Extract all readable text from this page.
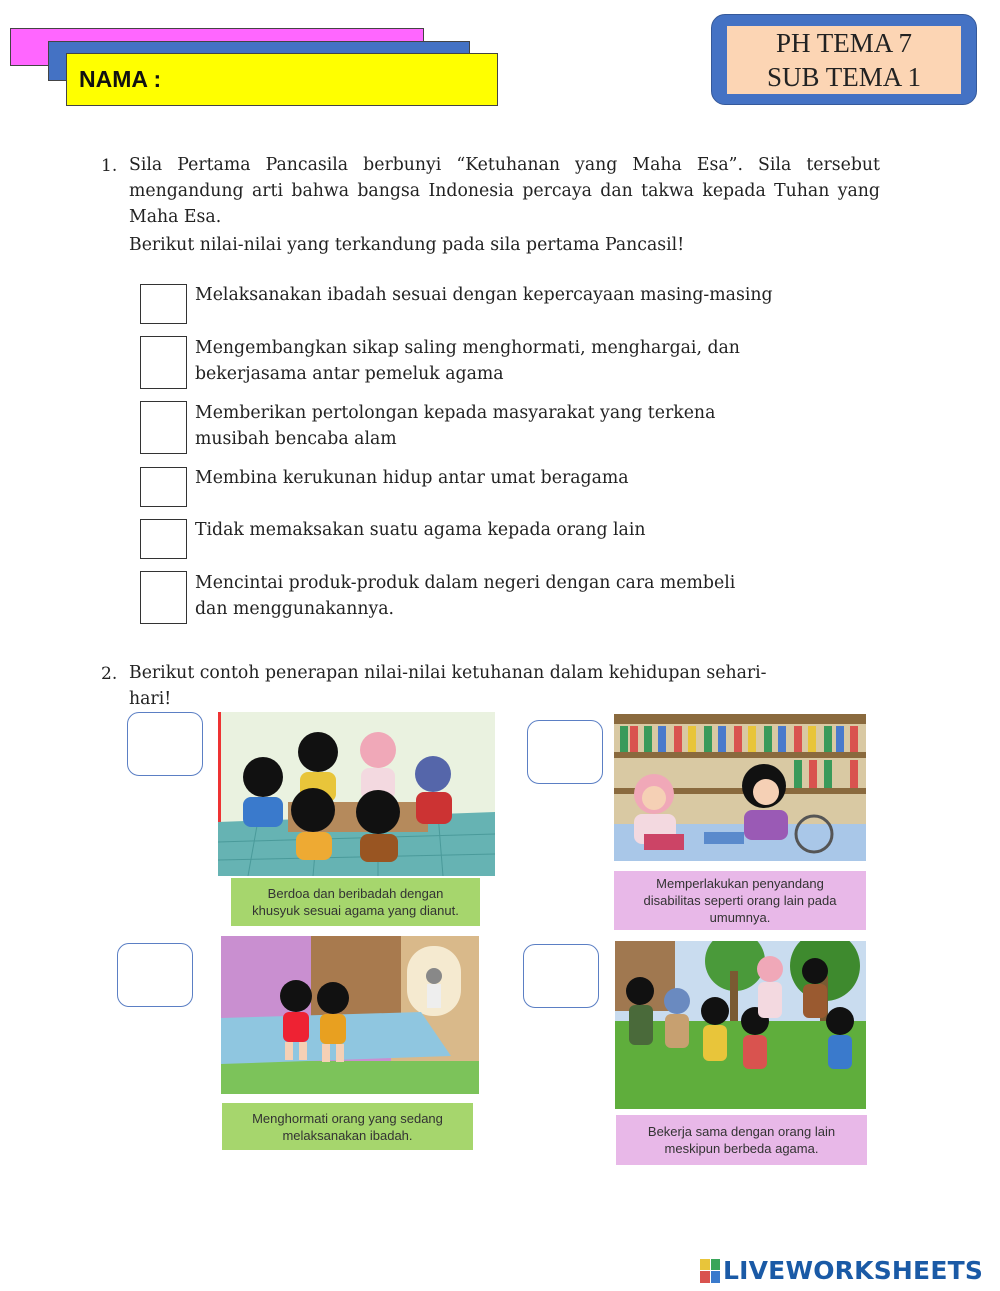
NAMA :
PH TEMA 7
SUB TEMA 1
1. Sila Pertama Pancasila berbunyi “Ketuhanan yang Maha Esa”. Sila tersebut mengandung arti bahwa bangsa Indonesia percaya dan takwa kepada Tuhan yang Maha Esa.
Berikut nilai-nilai yang terkandung pada sila pertama Pancasil!
Melaksanakan ibadah sesuai dengan kepercayaan masing-masing
Mengembangkan sikap saling menghormati, menghargai, dan
bekerjasama antar pemeluk agama
Memberikan pertolongan kepada masyarakat yang terkena
musibah bencaba alam
Membina kerukunan hidup antar umat beragama
Tidak memaksakan suatu agama kepada orang lain
Mencintai produk-produk dalam negeri dengan cara membeli
dan menggunakannya.
2. Berikut contoh penerapan nilai-nilai ketuhanan dalam kehidupan sehari-
hari!
Berdoa dan beribadah dengan
khusyuk sesuai agama yang dianut.
Memperlakukan penyandang
disabilitas seperti orang lain pada
umumnya.
Menghormati orang yang sedang
melaksanakan ibadah.	Bekerja sama dengan orang lain
meskipun berbeda agama.
LIVEWORKSHEETS
